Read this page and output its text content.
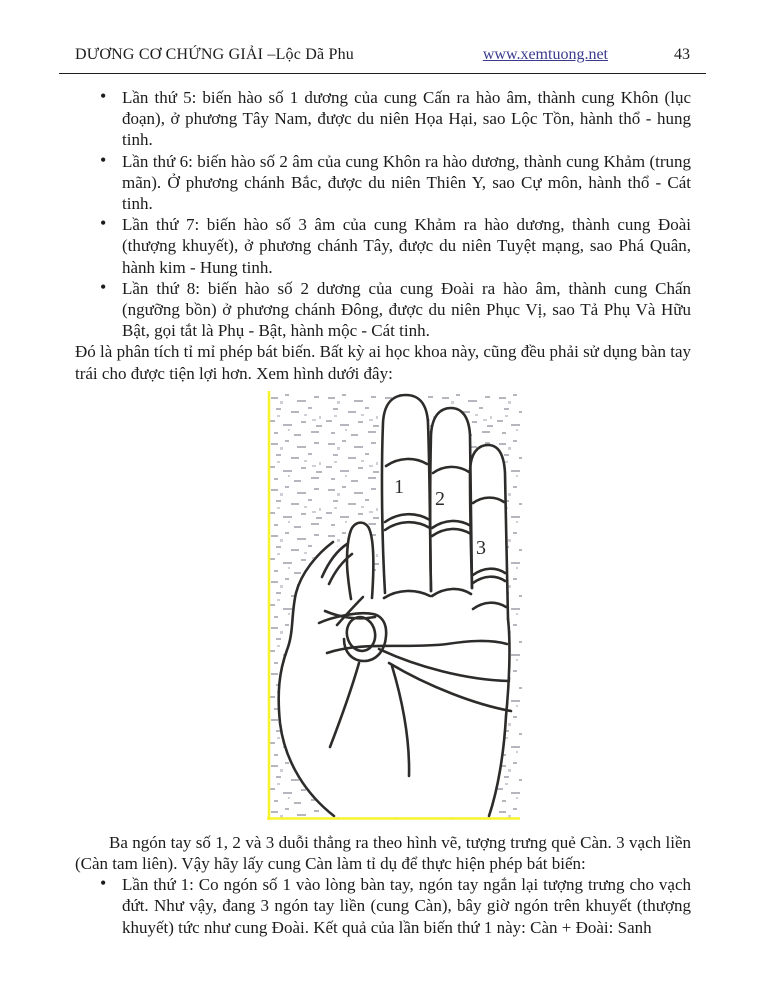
DƯƠNG CƠ CHỨNG GIẢI –Lộc Dã Phu	www.xemtuong.net	43
• Lần thứ 5: biến hào số 1 dương của cung Cấn ra hào âm, thành cung Khôn (lục đoạn), ở phương Tây Nam, được du niên Họa Hại, sao Lộc Tồn, hành thổ - hung tinh.
• Lần thứ 6: biến hào số 2 âm của cung Khôn ra hào dương, thành cung Khảm (trung mãn). Ở phương chánh Bắc, được du niên Thiên Y, sao Cự môn, hành thổ - Cát tinh.
• Lần thứ 7: biến hào số 3 âm của cung Khảm ra hào dương, thành cung Đoài (thượng khuyết), ở phương chánh Tây, được du niên Tuyệt mạng, sao Phá Quân, hành kim - Hung tinh.
• Lần thứ 8: biến hào số 2 dương của cung Đoài ra hào âm, thành cung Chấn (ngưỡng bồn) ở phương chánh Đông, được du niên Phục Vị, sao Tả Phụ Và Hữu Bật, gọi tắt là Phụ - Bật, hành mộc - Cát tinh.

Đó là phân tích tỉ mỉ phép bát biến. Bất kỳ ai học khoa này, cũng đều phải sử dụng bàn tay trái cho được tiện lợi hơn. Xem hình dưới đây:

1
2
3

Ba ngón tay số 1, 2 và 3 duỗi thẳng ra theo hình vẽ, tượng trưng quẻ Càn. 3 vạch liền (Càn tam liên). Vậy hãy lấy cung Càn làm tỉ dụ để thực hiện phép bát biến:

• Lần thứ 1: Co ngón số 1 vào lòng bàn tay, ngón tay ngắn lại tượng trưng cho vạch đứt. Như vậy, đang 3 ngón tay liền (cung Càn), bây giờ ngón trên khuyết (thượng khuyết) tức như cung Đoài. Kết quả của lần biến thứ 1 này: Càn + Đoài: Sanh
